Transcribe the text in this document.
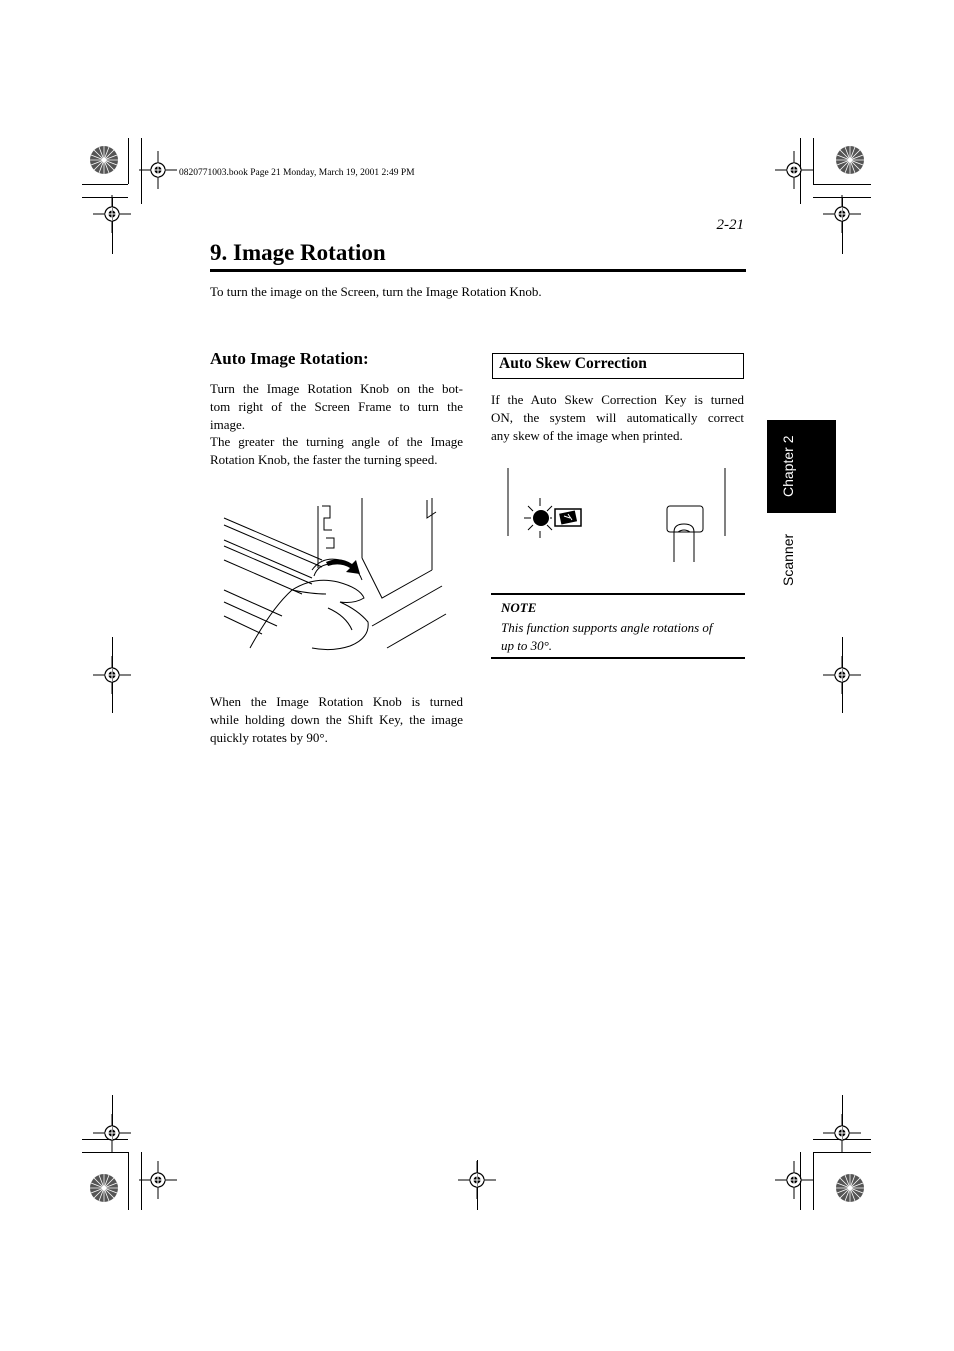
0820771003.book Page 21 Monday, March 19, 2001 2:49 PM
2-21
9. Image Rotation
To turn the image on the Screen, turn the Image Rotation Knob.
Auto Image Rotation:
Turn the Image Rotation Knob on the bot-
tom right of the Screen Frame to turn the
image.
The greater the turning angle of the Image
Rotation Knob, the faster the turning speed.
When the Image Rotation Knob is turned
while holding down the Shift Key, the image
quickly rotates by 90°.
Auto Skew Correction
If the Auto Skew Correction Key is turned
ON, the system will automatically correct
any skew of the image when printed.
NOTE
This function supports angle rotations of
up to 30°.
Chapter 2
Scanner
